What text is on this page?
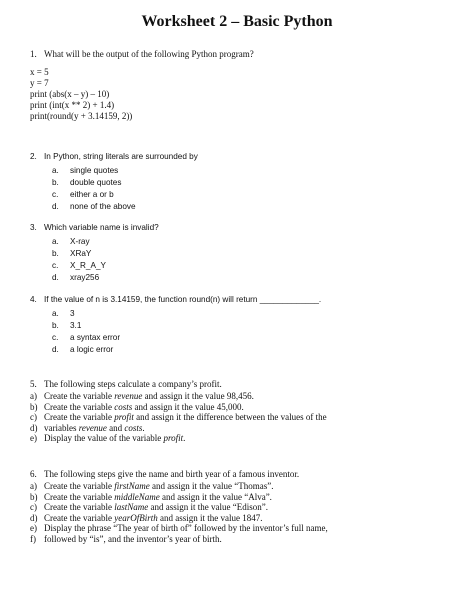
Worksheet 2 – Basic Python
1. What will be the output of the following Python program?
x = 5
y = 7
print (abs(x – y) – 10)
print (int(x ** 2) + 1.4)
print(round(y + 3.14159, 2))
2. In Python, string literals are surrounded by
a.	single quotes
b.	double quotes
c.	either a or b
d.	none of the above
3. Which variable name is invalid?
a.	X-ray
b.	XRaY
c.	X_R_A_Y
d.	xray256
4. If the value of n is 3.14159, the function round(n) will return _____________.
a.	3
b.	3.1
c.	a syntax error
d.	a logic error
5. The following steps calculate a company’s profit.
a) Create the variable revenue and assign it the value 98,456.
b) Create the variable costs and assign it the value 45,000.
c) Create the variable profit and assign it the difference between the values of the
d) variables revenue and costs.
e) Display the value of the variable profit.
6. The following steps give the name and birth year of a famous inventor.
a) Create the variable firstName and assign it the value “Thomas”.
b) Create the variable middleName and assign it the value “Alva”.
c) Create the variable lastName and assign it the value “Edison”.
d) Create the variable yearOfBirth and assign it the value 1847.
e) Display the phrase “The year of birth of” followed by the inventor’s full name,
f) followed by “is”, and the inventor’s year of birth.
